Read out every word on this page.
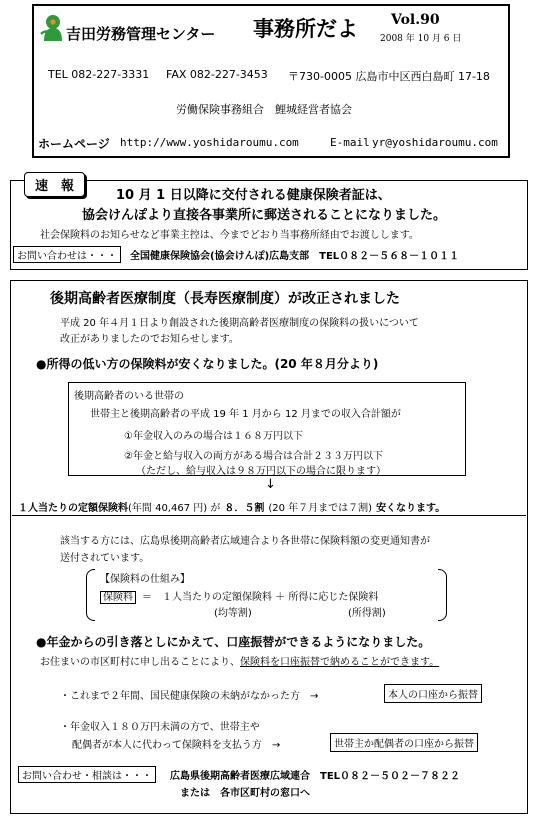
吉田労務管理センター 事務所だよ Vol.90
2008 年 10 月 6 日
TEL 082-227-3331 FAX 082-227-3453 〒730-0005 広島市中区西白島町 17-18
労働保険事務組合　鯉城経営者協会
ホームページ http://www.yoshidaroumu.com	E-mail yr@yoshidaroumu.com
速　報
10 月 1 日以降に交付される健康保険者証は、
協会けんぽより直接各事業所に郵送されることになりました。
社会保険料のお知らせなど事業主控は、今までどおり当事務所経由でお渡しします。
お問い合わせは・・・	全国健康保険協会(協会けんぽ)広島支部　TEL０８２－５６８－１０１１
後期高齢者医療制度（長寿医療制度）が改正されました
平成 20 年４月１日より創設された後期高齢者医療制度の保険料の扱いについて
改正がありましたのでお知らせします。
●所得の低い方の保険料が安くなりました。(20 年８月分より)
後期高齢者のいる世帯の
世帯主と後期高齢者の平成 19 年 1 月から 12 月までの収入合計額が
①年金収入のみの場合は１６８万円以下
②年金と給与収入の両方がある場合は合計２３３万円以下
（ただし、給与収入は９８万円以下の場合に限ります）
↓
１人当たりの定額保険料(年間 40,467 円) が ８．５割 (20 年７月までは７割) 安くなります。
該当する方には、広島県後期高齢者広域連合より各世帯に保険料額の変更通知書が
送付されています。
【保険料の仕組み】
保険料 ＝　１人当たりの定額保険料 ＋ 所得に応じた保険料
(均等割)	(所得割)
●年金からの引き落としにかえて、口座振替ができるようになりました。
お住まいの市区町村に申し出ることにより、保険料を口座振替で納めることができます。
・これまで２年間、国民健康保険の未納がなかった方　→	本人の口座から振替
・年金収入１８０万円未満の方で、世帯主や
配偶者が本人に代わって保険料を支払う方　→	世帯主か配偶者の口座から振替
お問い合わせ・相談は・・・	広島県後期高齢者医療広域連合　TEL０８２－５０２－７８２２
または　各市区町村の窓口へ
